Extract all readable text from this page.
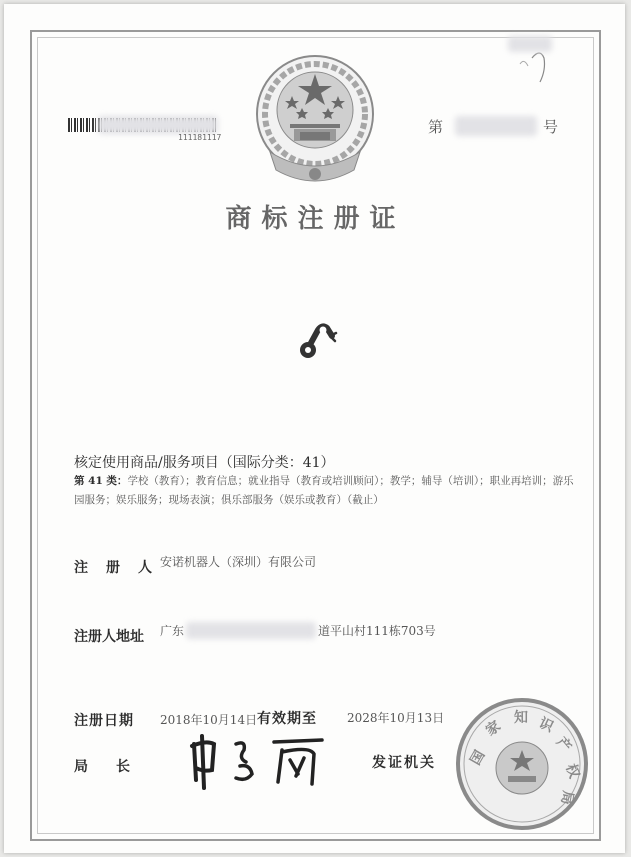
111181117
第	号
商标注册证
核定使用商品/服务项目（国际分类：41）
第 41 类：学校（教育）；教育信息；就业指导（教育或培训顾问）；教学；辅导（培训）；职业再培训；游乐园服务；娱乐服务；现场表演；俱乐部服务（娱乐或教育）（截止）
注　册　人 安诺机器人（深圳）有限公司
注册人地址 广东	道平山村111栋703号
注册日期 2018年10月14日 有效期至	2028年10月13日
局　　长	发证机关 国
家
知 识
产
权
局
